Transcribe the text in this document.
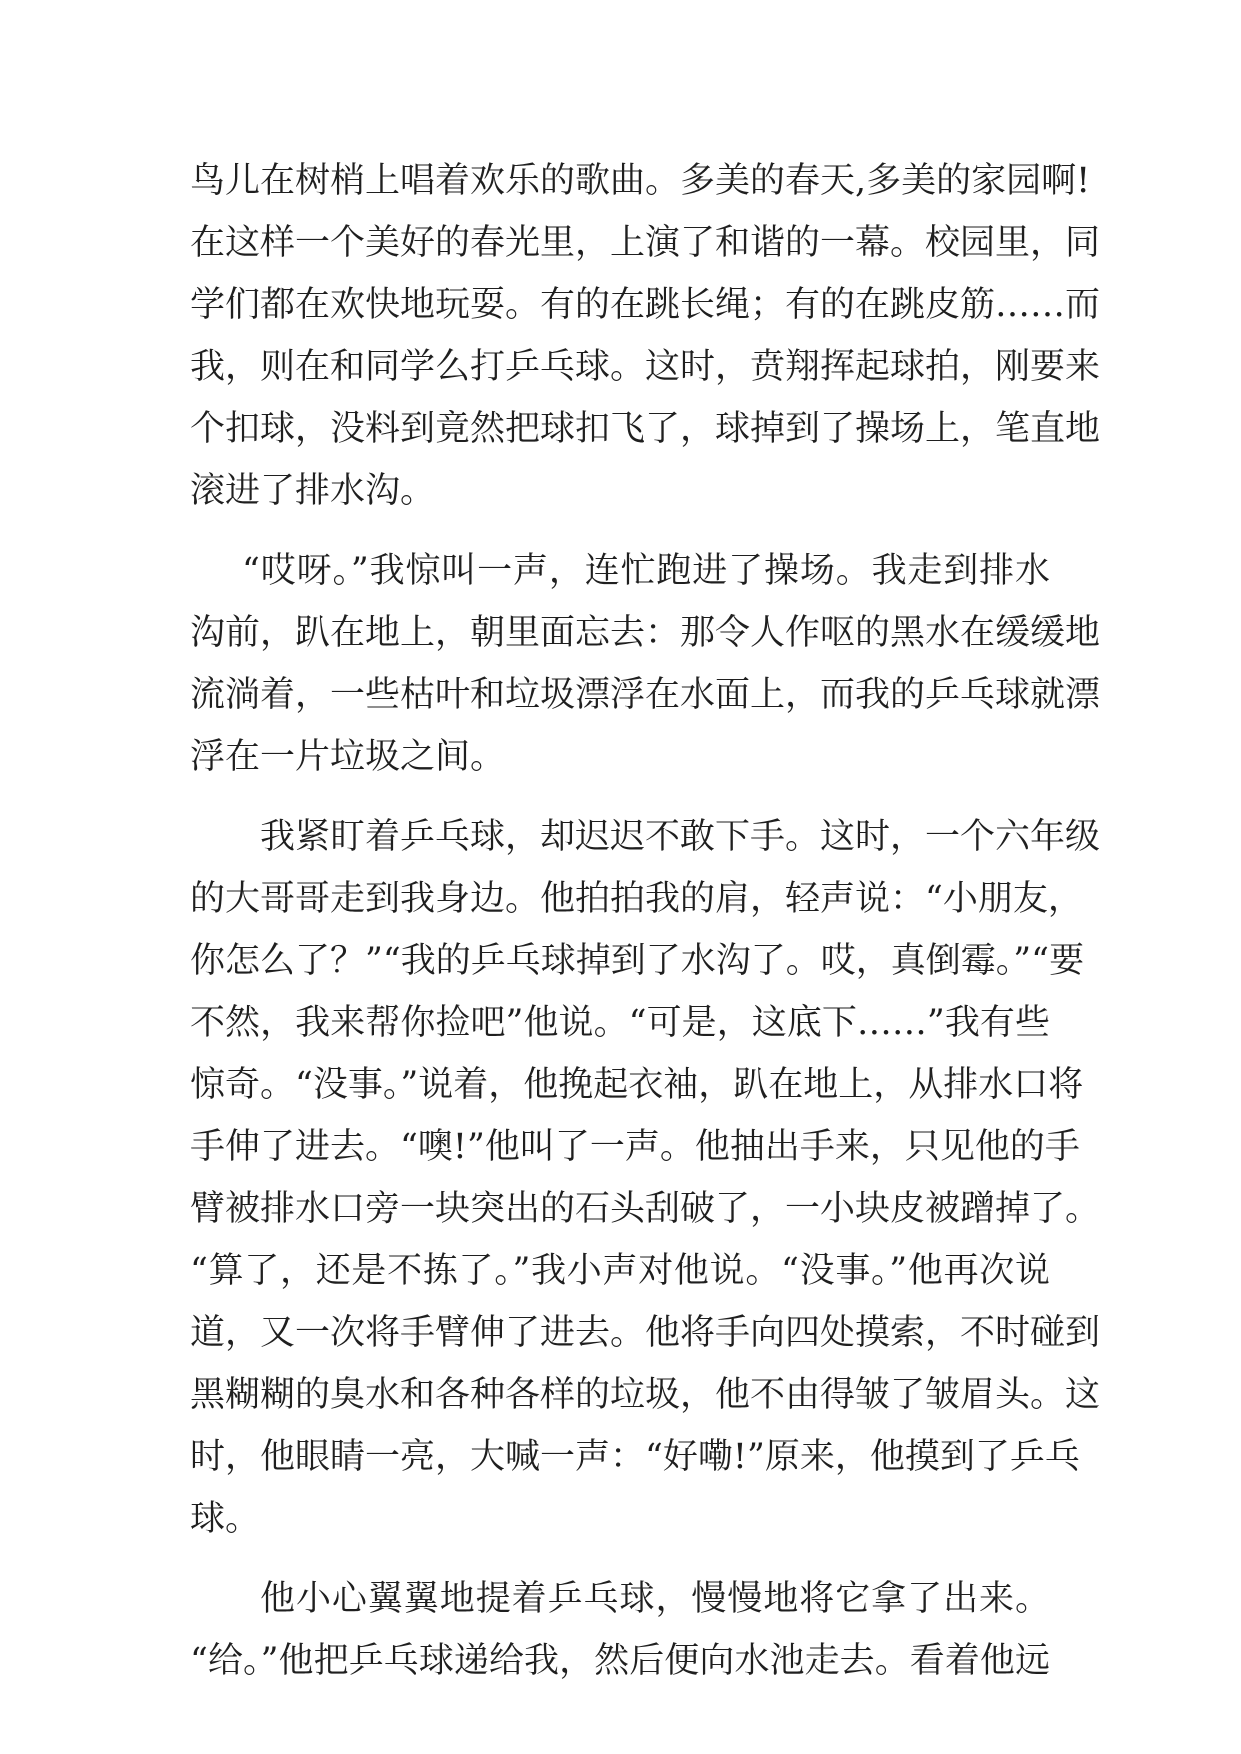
鸟儿在树梢上唱着欢乐的歌曲。多美的春天,多美的家园啊!
在这样一个美好的春光里，上演了和谐的一幕。校园里，同
学们都在欢快地玩耍。有的在跳长绳；有的在跳皮筋……而
我，则在和同学么打乒乓球。这时，贲翔挥起球拍，刚要来
个扣球，没料到竟然把球扣飞了，球掉到了操场上，笔直地
滚进了排水沟。
“哎呀。”我惊叫一声，连忙跑进了操场。我走到排水
沟前，趴在地上，朝里面忘去：那令人作呕的黑水在缓缓地
流淌着，一些枯叶和垃圾漂浮在水面上，而我的乒乓球就漂
浮在一片垃圾之间。
我紧盯着乒乓球，却迟迟不敢下手。这时，一个六年级
的大哥哥走到我身边。他拍拍我的肩，轻声说：“小朋友，
你怎么了？”“我的乒乓球掉到了水沟了。哎，真倒霉。”“要
不然，我来帮你捡吧”他说。“可是，这底下……”我有些
惊奇。“没事。”说着，他挽起衣袖，趴在地上，从排水口将
手伸了进去。“噢!”他叫了一声。他抽出手来，只见他的手
臂被排水口旁一块突出的石头刮破了，一小块皮被蹭掉了。
“算了，还是不拣了。”我小声对他说。“没事。”他再次说
道，又一次将手臂伸了进去。他将手向四处摸索，不时碰到
黑糊糊的臭水和各种各样的垃圾，他不由得皱了皱眉头。这
时，他眼睛一亮，大喊一声：“好嘞!”原来，他摸到了乒乓
球。
他小心翼翼地提着乒乓球，慢慢地将它拿了出来。
“给。”他把乒乓球递给我，然后便向水池走去。看着他远
